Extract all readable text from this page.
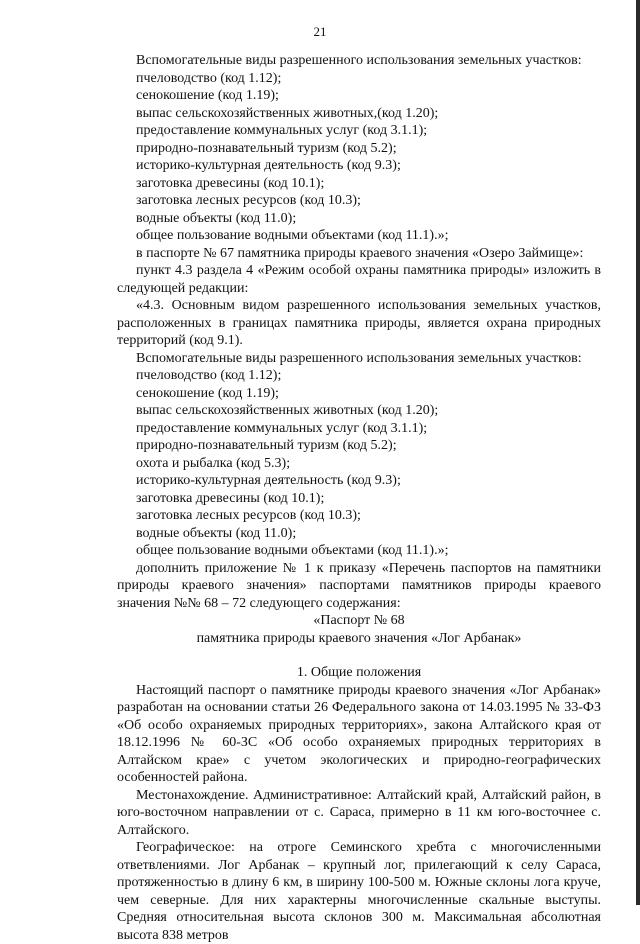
21

Вспомогательные виды разрешенного использования земельных участков:

пчеловодство (код 1.12);

сенокошение (код 1.19);

выпас сельскохозяйственных животных,(код 1.20);

предоставление коммунальных услуг (код 3.1.1);

природно-познавательный туризм (код 5.2);

историко-культурная деятельность (код 9.3);

заготовка древесины (код 10.1);

заготовка лесных ресурсов (код 10.3);

водные объекты (код 11.0);

общее пользование водными объектами (код 11.1).»;

в паспорте № 67 памятника природы краевого значения «Озеро Займище»:

пункт 4.3 раздела 4 «Режим особой охраны памятника природы» изложить в следующей редакции:

«4.3. Основным видом разрешенного использования земельных участков, расположенных в границах памятника природы, является охрана природных территорий (код 9.1).

Вспомогательные виды разрешенного использования земельных участков:

пчеловодство (код 1.12);

сенокошение (код 1.19);

выпас сельскохозяйственных животных (код 1.20);

предоставление коммунальных услуг (код 3.1.1);

природно-познавательный туризм (код 5.2);

охота и рыбалка (код 5.3);

историко-культурная деятельность (код 9.3);

заготовка древесины (код 10.1);

заготовка лесных ресурсов (код 10.3);

водные объекты (код 11.0);

общее пользование водными объектами (код 11.1).»;

дополнить приложение № 1 к приказу «Перечень паспортов на памятники природы краевого значения» паспортами памятников природы краевого значения №№ 68 – 72 следующего содержания:

«Паспорт № 68

памятника природы краевого значения «Лог Арбанак»

1. Общие положения

Настоящий паспорт о памятнике природы краевого значения «Лог Арбанак» разработан на основании статьи 26 Федерального закона от 14.03.1995 № 33-ФЗ «Об особо охраняемых природных территориях», закона Алтайского края от 18.12.1996 № 60-ЗС «Об особо охраняемых природных территориях в Алтайском крае» с учетом экологических и природно-географических особенностей района.

Местонахождение. Административное: Алтайский край, Алтайский район, в юго-восточном направлении от с. Сараса, примерно в 11 км юго-восточнее с. Алтайского.

Географическое: на отроге Семинского хребта с многочисленными ответвлениями. Лог Арбанак – крупный лог, прилегающий к селу Сараса, протяженностью в длину 6 км, в ширину 100-500 м. Южные склоны лога круче, чем северные. Для них характерны многочисленные скальные выступы. Средняя относительная высота склонов 300 м. Максимальная абсолютная высота 838 метров
